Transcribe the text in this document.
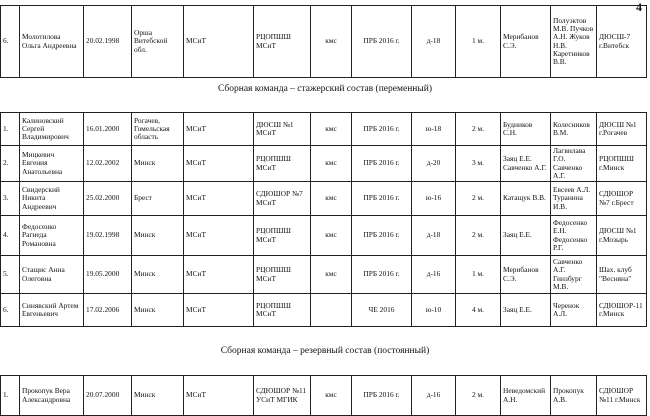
4
6.	Молотилова Ольга Андреевна	20.02.1998	Орша Витебской обл.	МСиТ	РЦОПШШ МСиТ	кмс	ПРБ 2016 г.	д-18	1 м.	Мерибанов С.Э.	Полуэктов М.В. Пучков А.Н. Жуков Н.В. Каретников В.В.	ДЮСШ-7 г.Витебск
Сборная команда – стажерский состав (переменный)
1.	Калиновский Сергей Владимирович	16.01.2000	Рогачев, Гомельская область	МСиТ	ДЮСШ №1 МСиТ	кмс	ПРБ 2016 г.	ю-18	2 м.	Будников С.Н.	Колесников В.М.	ДЮСШ №1 г.Рогачев
2.	Мицкевич Евгения Анатольевна	12.02.2002	Минск	МСиТ	РЦОПШШ МСиТ	кмс	ПРБ 2016 г.	д-20	3 м.	Заяц Е.Е. Савченко А.Г.	Лагвилава Г.О. Савченко А.Г.	РЦОПШШ г.Минск
3.	Свидерский Никита Андреевич	25.02.2000	Брест	МСиТ	СДЮШОР №7 МСиТ	кмс	ПРБ 2016 г.	ю-16	2 м.	Катащук В.В.	Евсеев А.Л. Туранина И.В.	СДЮШОР №7 г.Брест
4.	Федосенко Рагнеда Романовна	19.02.1998	Минск	МСиТ	РЦОПШШ МСиТ	кмс	ПРБ 2016 г.	д-18	2 м.	Заяц Е.Е.	Федосенко Е.Н. Федосенко Р.Г.	ДЮСШ №1 г.Мозырь
5.	Стащис Анна Олеговна	19.05.2000	Минск	МСиТ	РЦОПШШ МСиТ	кмс	ПРБ 2016 г.	д-16	1 м.	Мерибанов С.Э.	Савченко А.Г. Гинзбург М.В.	Шах. клуб "Весняна"
6.	Синявский Артем Евгеньевич	17.02.2006	Минск	МСиТ	РЦОПШШ МСиТ		ЧЕ 2016	ю-10	4 м.	Заяц Е.Е.	Черенок А.Л.	СДЮШОР-11 г.Минск
Сборная команда – резервный состав (постоянный)
1.	Прокопук Вера Александровна	20.07.2000	Минск	МСиТ	СДЮШОР №11 УСиТ МГИК	кмс	ПРБ 2016 г.	д-16	2 м.	Неведомский А.Н.	Прокопук А.В.	СДЮШОР №11 г.Минск
